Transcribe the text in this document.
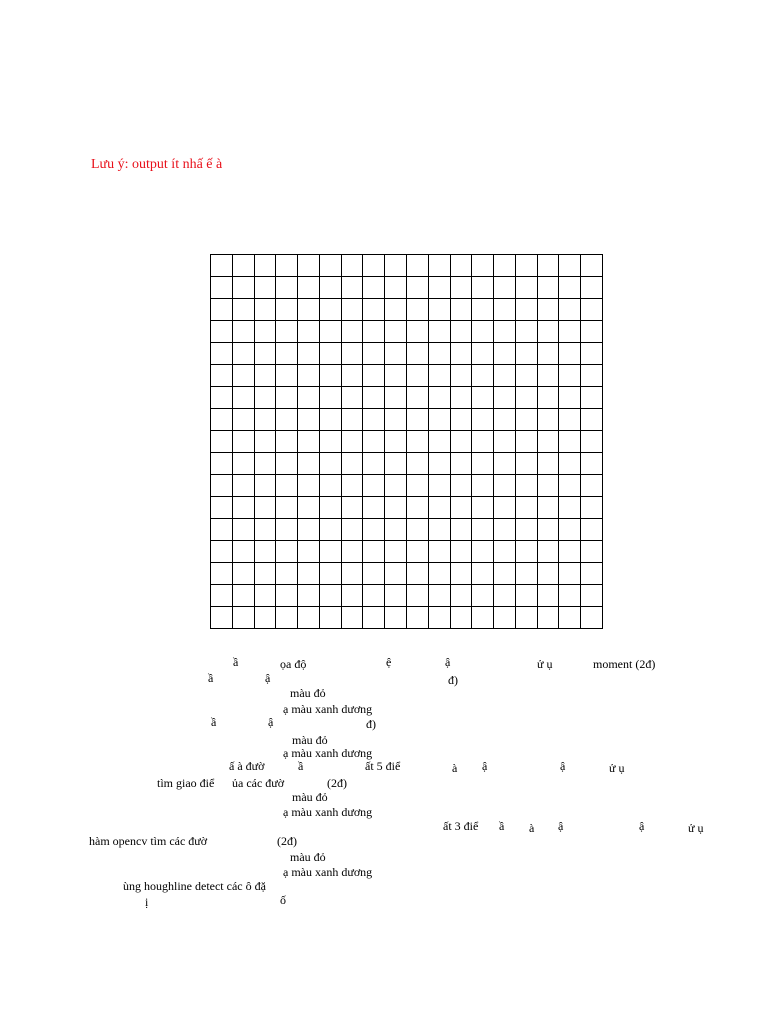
Lưu ý: output ít nhấ ế à
ầ	ọa độ	ệ	ậ	ử ụ	moment (2đ)
ầ	ậ	đ)
màu đỏ
ạ màu xanh dương
ầ	ậ	đ)
màu đỏ
ạ màu xanh dương
ấ à đườ	ầ	ất 5 điể	à ậ	ậ	ử ụ
tìm giao điể ủa các đườ	(2đ)
màu đỏ
ạ màu xanh dương
ất 3 điể ầ à ậ	ậ	ử ụ
hàm opencv tìm các đườ	(2đ)
màu đỏ
ạ màu xanh dương
ùng houghline detect các ô đặ
ị	ố
